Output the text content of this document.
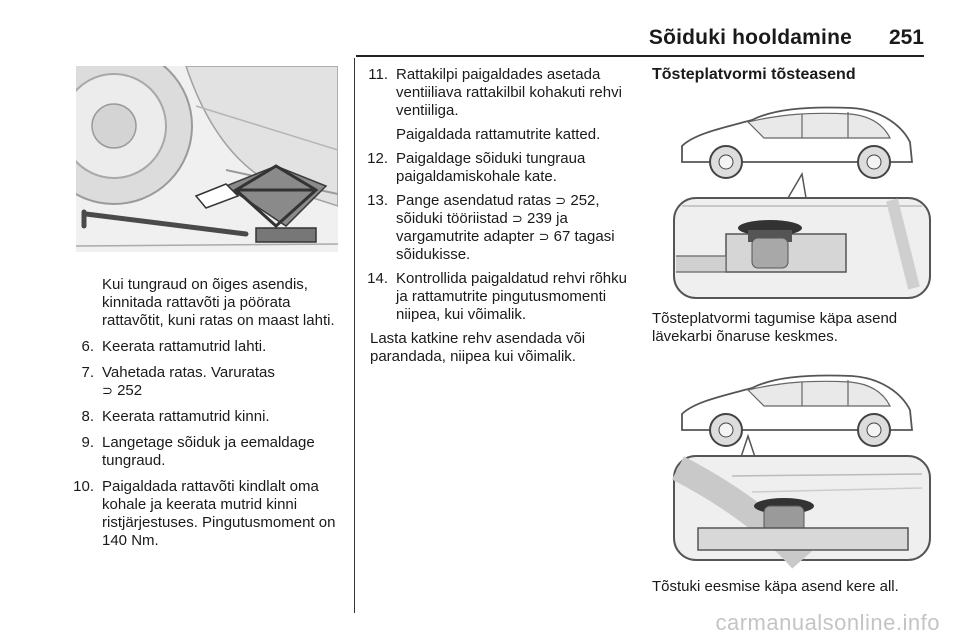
Sõiduki hooldamine 251

Kui tungraud on õiges asendis, kinnitada rattavõti ja pöörata rattavõtit, kuni ratas on maast lahti.

6. Keerata rattamutrid lahti.
7. Vahetada ratas. Varuratas
⊃ 252
8. Keerata rattamutrid kinni.
9. Langetage sõiduk ja eemaldage tungraud.
10. Paigaldada rattavõti kindlalt oma kohale ja keerata mutrid kinni ristjärjestuses. Pingutusmoment on 140 Nm.
11. Rattakilpi paigaldades asetada ventiiliava rattakilbil kohakuti rehvi ventiiliga.
Paigaldada rattamutrite katted.
12. Paigaldage sõiduki tungraua paigaldamiskohale kate.
13. Pange asendatud ratas ⊃ 252, sõiduki tööriistad ⊃ 239 ja vargamutrite adapter ⊃ 67 tagasi sõidukisse.
14. Kontrollida paigaldatud rehvi rõhku ja rattamutrite pingutusmomenti niipea, kui võimalik.

Lasta katkine rehv asendada või parandada, niipea kui võimalik.

Tõsteplatvormi tõsteasend

Tõsteplatvormi tagumise käpa asend lävekarbi õnaruse keskmes.

Tõstuki eesmise käpa asend kere all.

carmanualsonline.info
